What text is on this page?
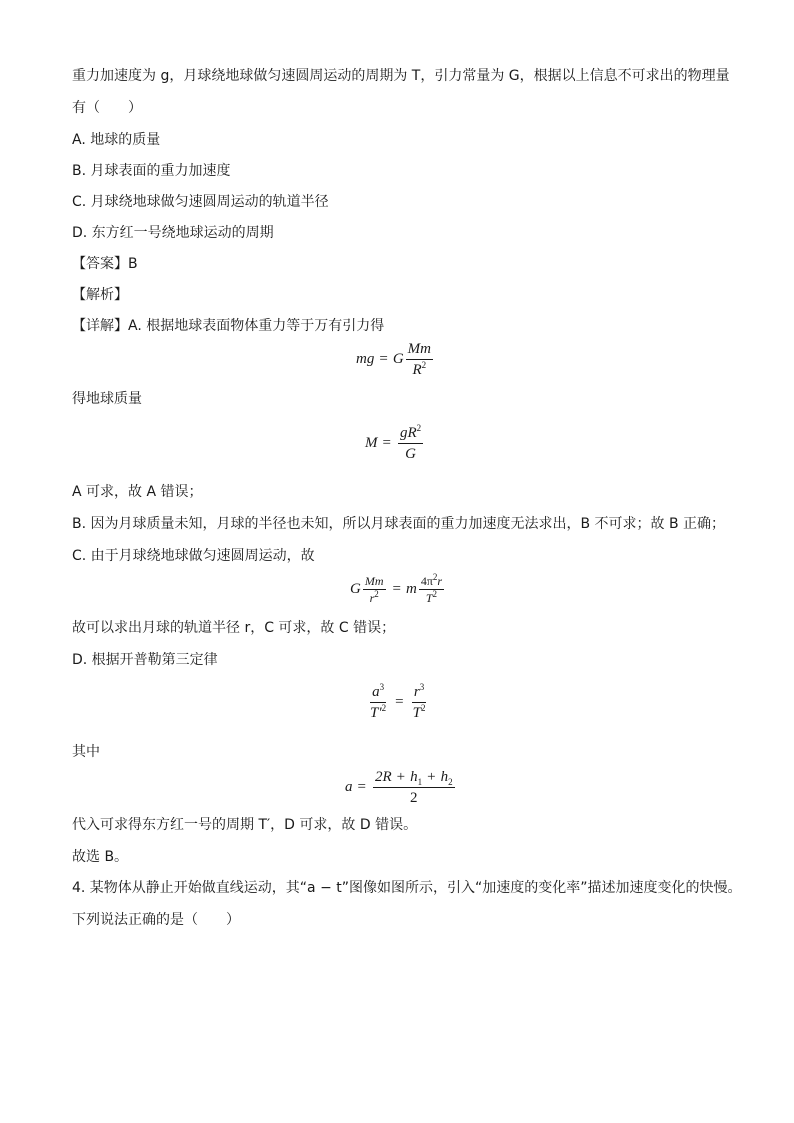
重力加速度为 g，月球绕地球做匀速圆周运动的周期为 T，引力常量为 G，根据以上信息不可求出的物理量
有（　　）
A. 地球的质量
B. 月球表面的重力加速度
C. 月球绕地球做匀速圆周运动的轨道半径
D. 东方红一号绕地球运动的周期
【答案】B
【解析】
【详解】A. 根据地球表面物体重力等于万有引力得
mg = G $\frac{Mm}{R^2}$
得地球质量
$M = \frac{gR^2}{G}$
A 可求，故 A 错误；
B. 因为月球质量未知，月球的半径也未知，所以月球表面的重力加速度无法求出，B 不可求；故 B 正确；
C. 由于月球绕地球做匀速圆周运动，故
G $\frac{Mm}{r^2} = m \frac{4\pi^2r}{T^2}$
故可以求出月球的轨道半径 r，C 可求，故 C 错误；
D. 根据开普勒第三定律
$\frac{a^3}{T'^2} = \frac{r^3}{T^2}$
其中
$a = \frac{2R + h_1 + h_2}{2}$
代入可求得东方红一号的周期 T′，D 可求，故 D 错误。
故选 B。
4. 某物体从静止开始做直线运动，其“a − t”图像如图所示，引入“加速度的变化率”描述加速度变化的快慢。
下列说法正确的是（　　）
